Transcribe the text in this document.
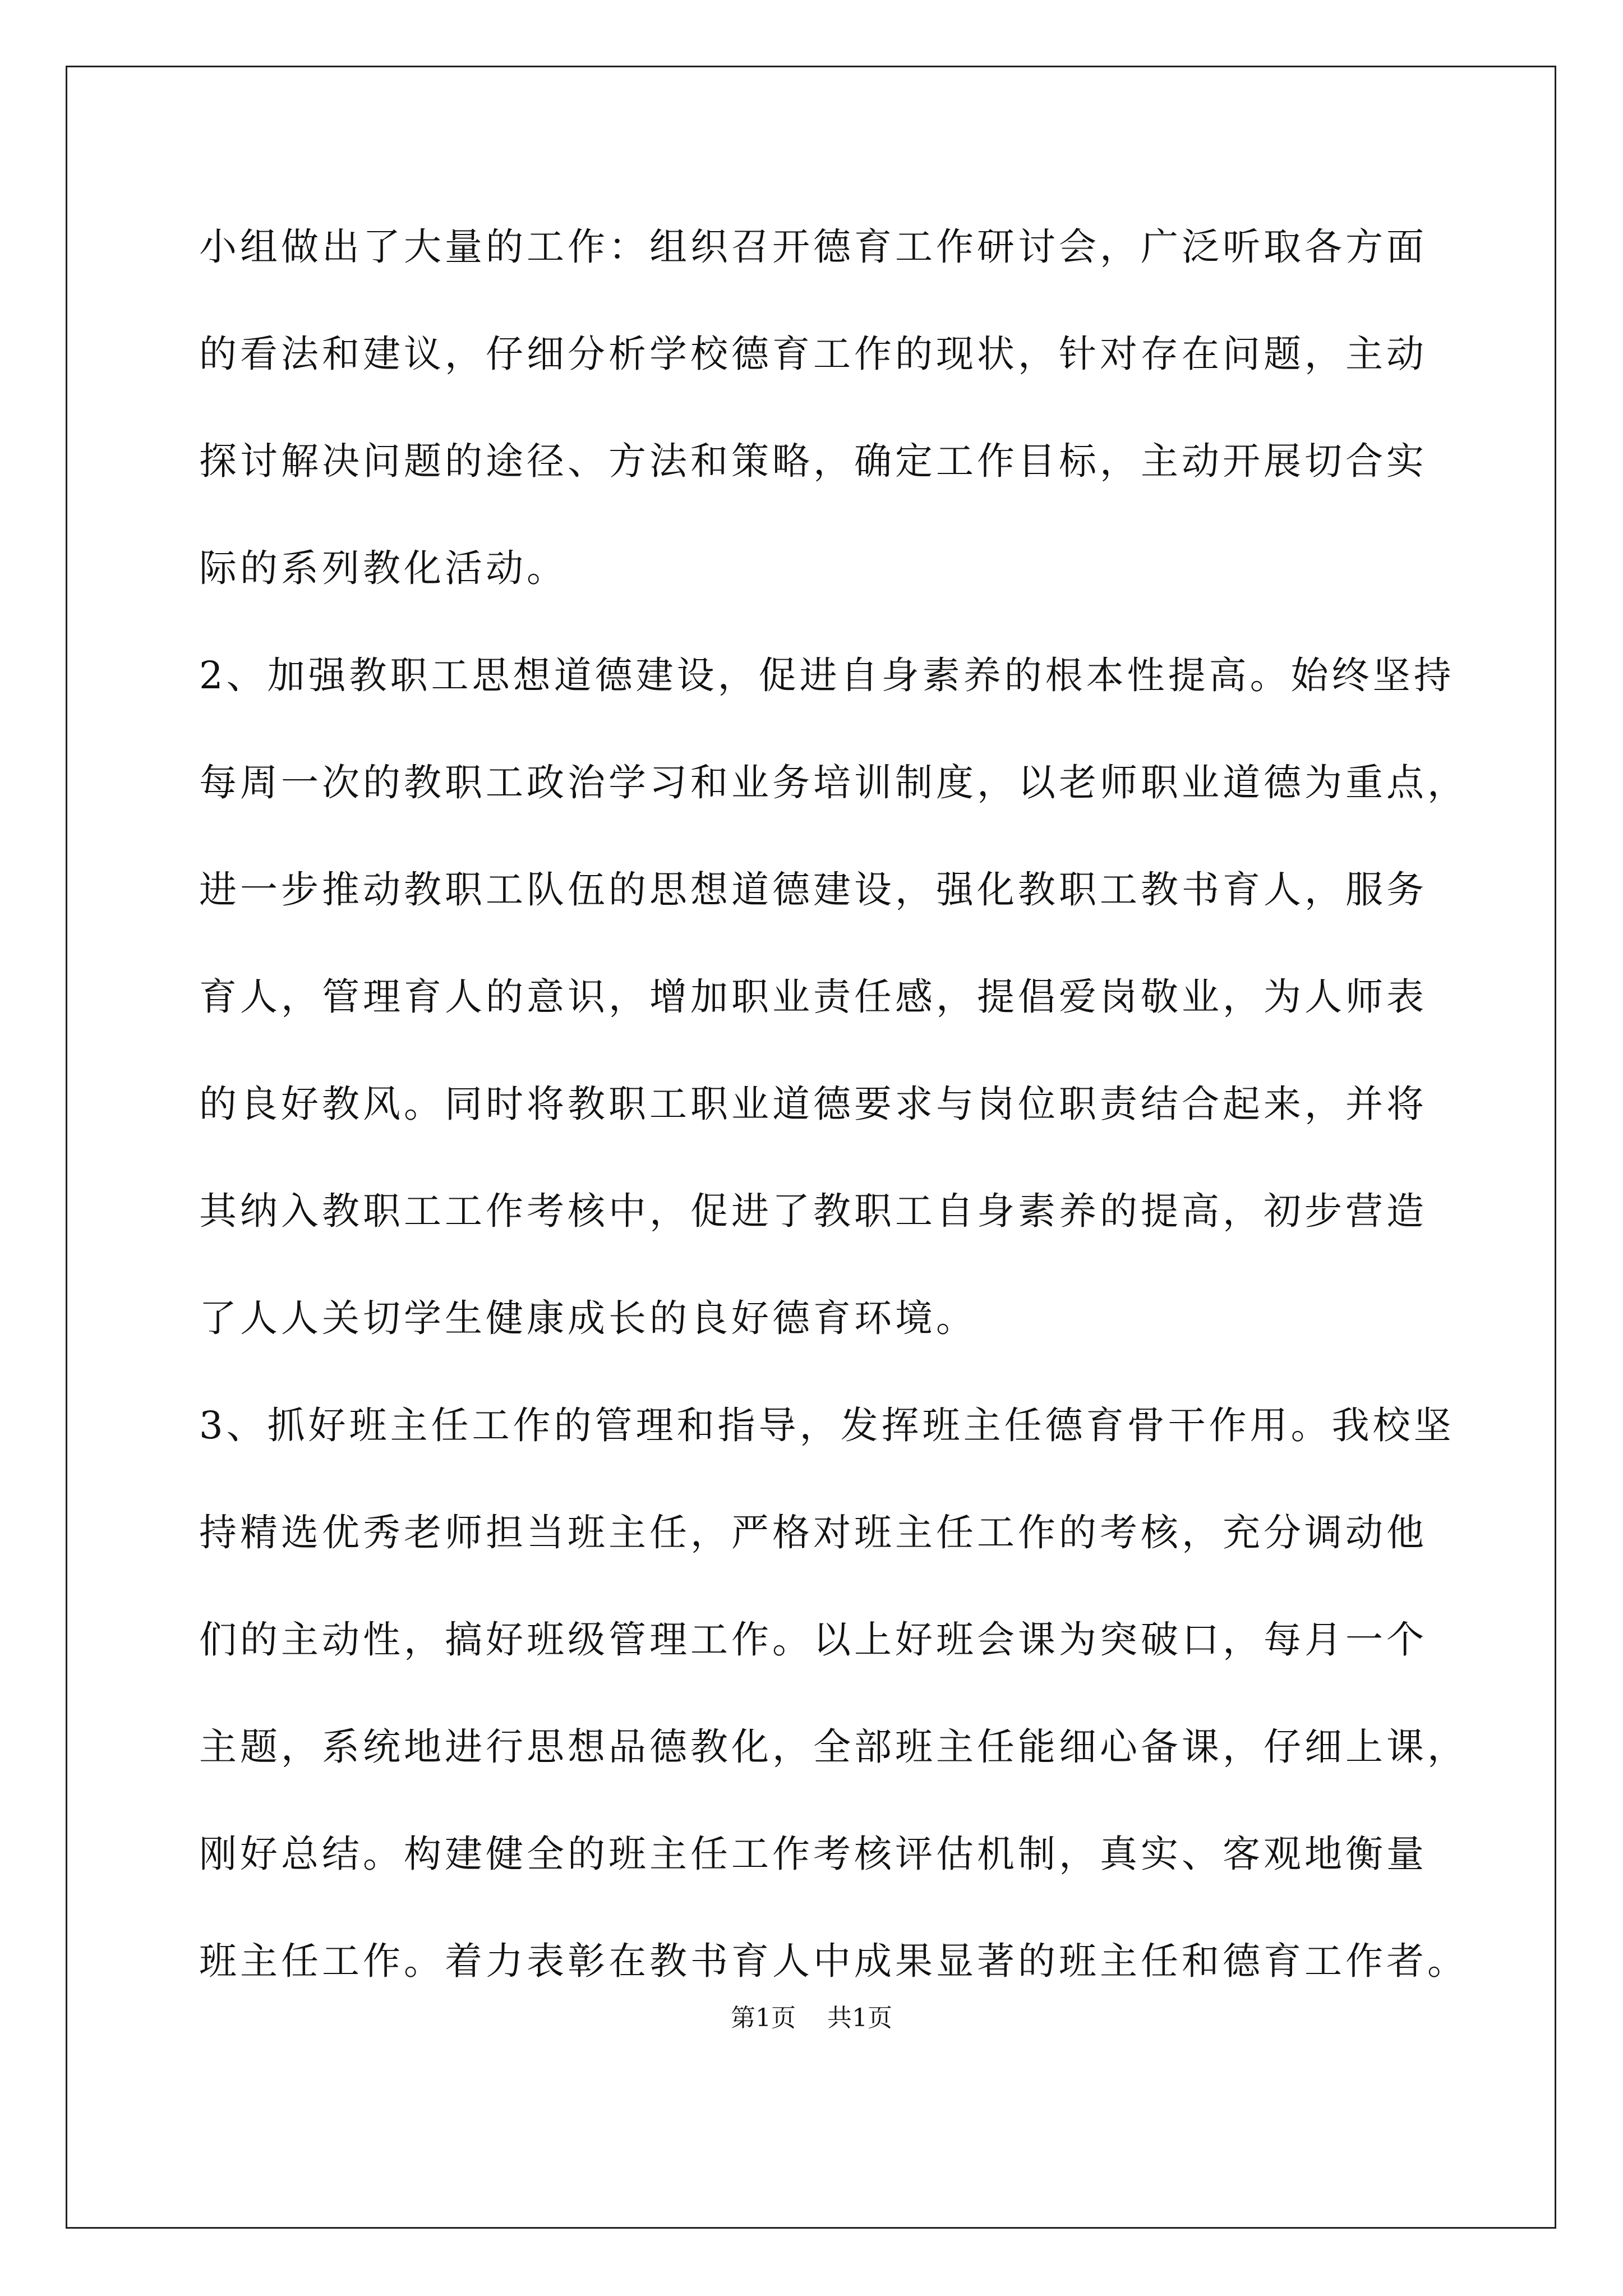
小组做出了大量的工作：组织召开德育工作研讨会，广泛听取各方面
的看法和建议，仔细分析学校德育工作的现状，针对存在问题，主动
探讨解决问题的途径、方法和策略，确定工作目标，主动开展切合实
际的系列教化活动。
2、加强教职工思想道德建设，促进自身素养的根本性提高。始终坚持
每周一次的教职工政治学习和业务培训制度，以老师职业道德为重点，
进一步推动教职工队伍的思想道德建设，强化教职工教书育人，服务
育人，管理育人的意识，增加职业责任感，提倡爱岗敬业，为人师表
的良好教风。同时将教职工职业道德要求与岗位职责结合起来，并将
其纳入教职工工作考核中，促进了教职工自身素养的提高，初步营造
了人人关切学生健康成长的良好德育环境。
3、抓好班主任工作的管理和指导，发挥班主任德育骨干作用。我校坚
持精选优秀老师担当班主任，严格对班主任工作的考核，充分调动他
们的主动性，搞好班级管理工作。以上好班会课为突破口，每月一个
主题，系统地进行思想品德教化，全部班主任能细心备课，仔细上课，
刚好总结。构建健全的班主任工作考核评估机制，真实、客观地衡量
班主任工作。着力表彰在教书育人中成果显著的班主任和德育工作者。
第1页 共1页
